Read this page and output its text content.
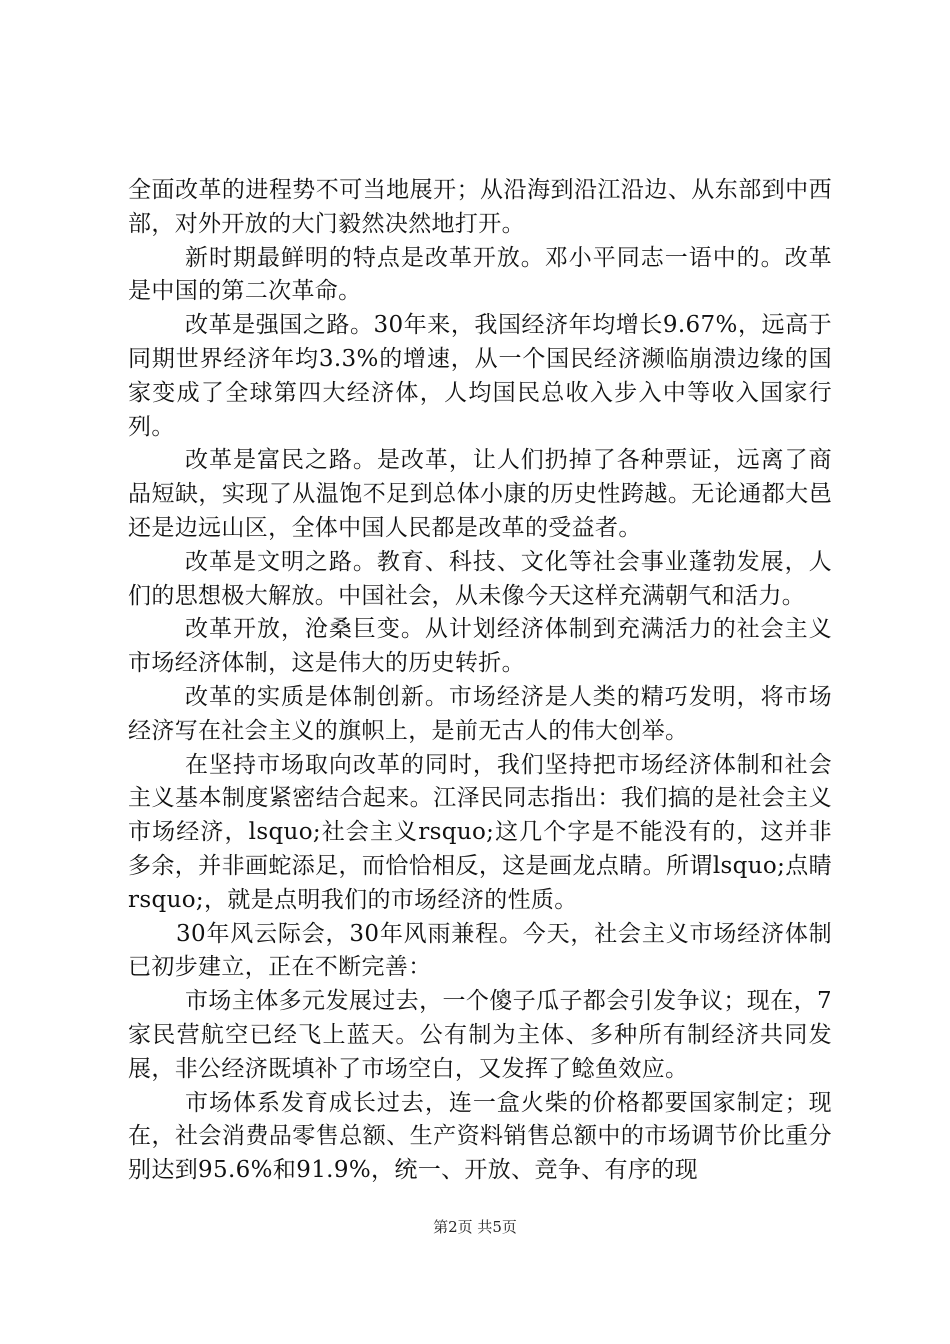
全面改革的进程势不可当地展开；从沿海到沿江沿边、从东部到中西部，对外开放的大门毅然决然地打开。

新时期最鲜明的特点是改革开放。邓小平同志一语中的。改革是中国的第二次革命。

改革是强国之路。30年来，我国经济年均增长9.67%，远高于同期世界经济年均3.3%的增速，从一个国民经济濒临崩溃边缘的国家变成了全球第四大经济体，人均国民总收入步入中等收入国家行列。

改革是富民之路。是改革，让人们扔掉了各种票证，远离了商品短缺，实现了从温饱不足到总体小康的历史性跨越。无论通都大邑还是边远山区，全体中国人民都是改革的受益者。

改革是文明之路。教育、科技、文化等社会事业蓬勃发展，人们的思想极大解放。中国社会，从未像今天这样充满朝气和活力。

改革开放，沧桑巨变。从计划经济体制到充满活力的社会主义市场经济体制，这是伟大的历史转折。

改革的实质是体制创新。市场经济是人类的精巧发明，将市场经济写在社会主义的旗帜上，是前无古人的伟大创举。

在坚持市场取向改革的同时，我们坚持把市场经济体制和社会主义基本制度紧密结合起来。江泽民同志指出：我们搞的是社会主义市场经济，lsquo;社会主义rsquo;这几个字是不能没有的，这并非多余，并非画蛇添足，而恰恰相反，这是画龙点睛。所谓lsquo;点睛rsquo;，就是点明我们的市场经济的性质。

30年风云际会，30年风雨兼程。今天，社会主义市场经济体制已初步建立，正在不断完善：

市场主体多元发展过去，一个傻子瓜子都会引发争议；现在，7家民营航空已经飞上蓝天。公有制为主体、多种所有制经济共同发展，非公经济既填补了市场空白，又发挥了鲶鱼效应。

市场体系发育成长过去，连一盒火柴的价格都要国家制定；现在，社会消费品零售总额、生产资料销售总额中的市场调节价比重分别达到95.6%和91.9%，统一、开放、竞争、有序的现

第2页 共5页
